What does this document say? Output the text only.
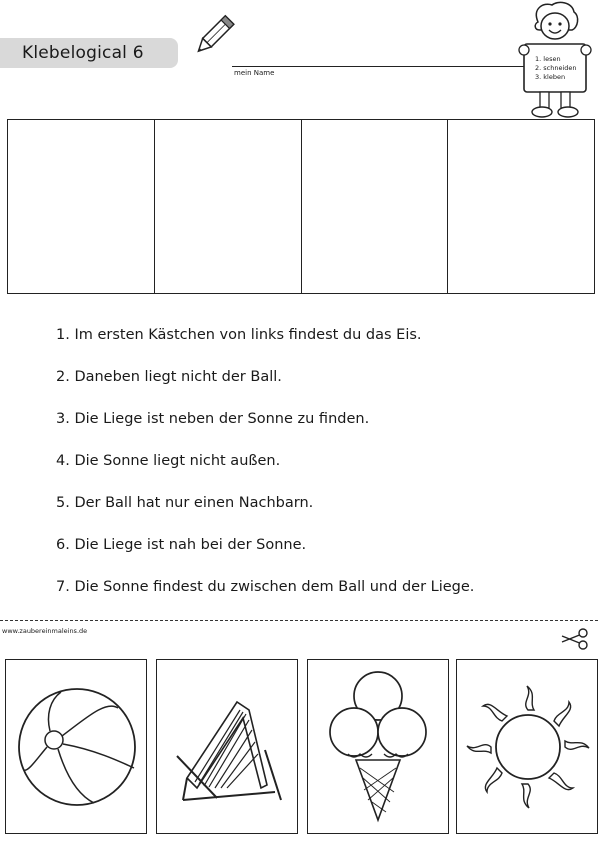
Klebelogical 6
mein Name
1. lesen
2. schneiden
3. kleben
1. Im ersten Kästchen von links findest du das Eis.
2. Daneben liegt nicht der Ball.
3. Die Liege ist neben der Sonne zu finden.
4. Die Sonne liegt nicht außen.
5. Der Ball hat nur einen Nachbarn.
6. Die Liege ist nah bei der Sonne.
7. Die Sonne findest du zwischen dem Ball und der Liege.
www.zaubereinmaleins.de
